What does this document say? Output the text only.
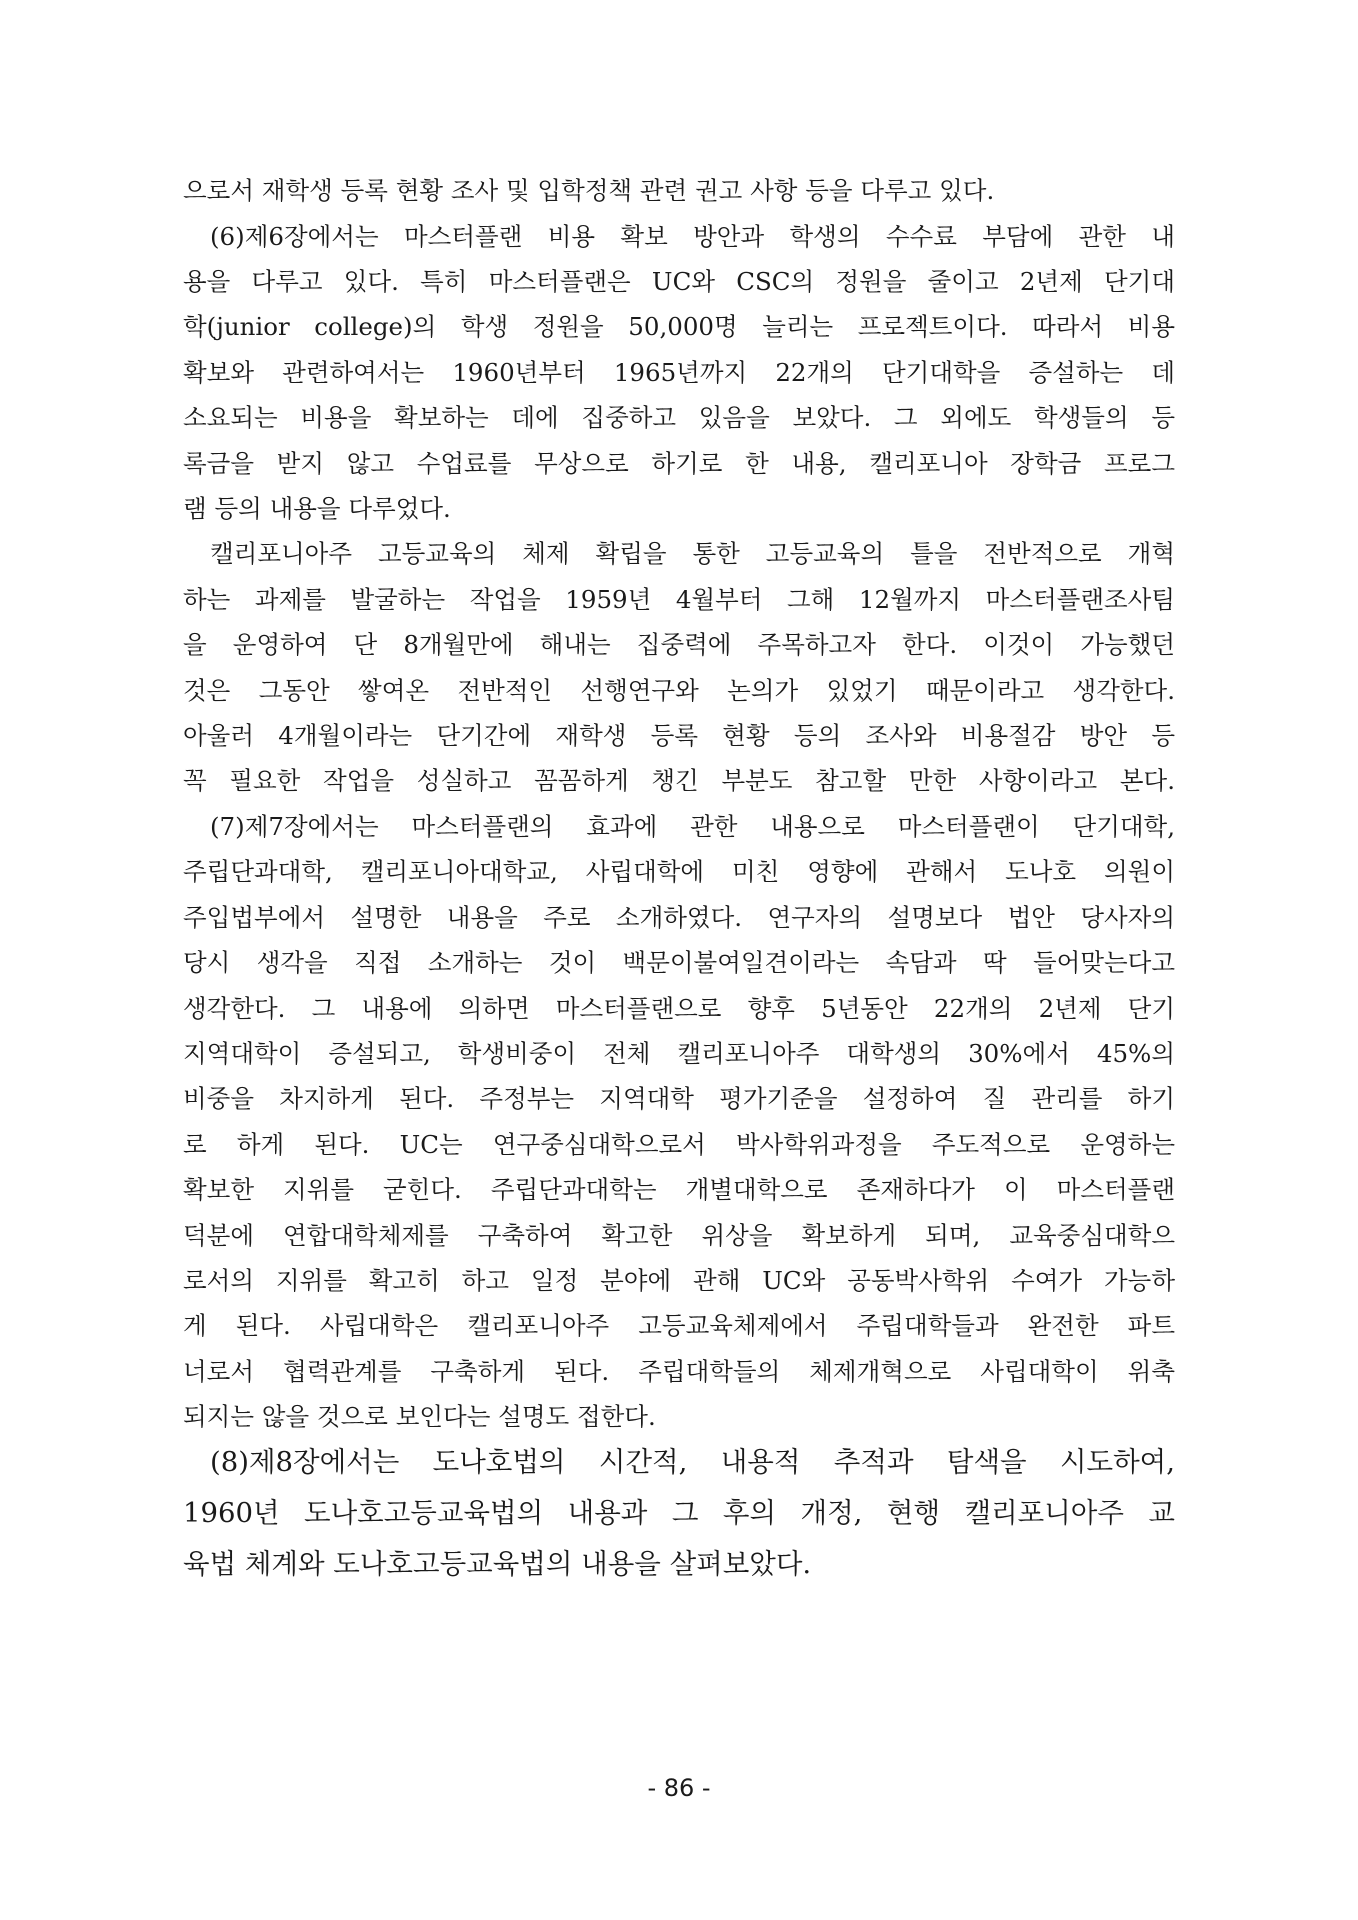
으로서 재학생 등록 현황 조사 및 입학정책 관련 권고 사항 등을 다루고 있다.
(6)제6장에서는 마스터플랜 비용 확보 방안과 학생의 수수료 부담에 관한 내
용을 다루고 있다. 특히 마스터플랜은 UC와 CSC의 정원을 줄이고 2년제 단기대
학(junior college)의 학생 정원을 50,000명 늘리는 프로젝트이다. 따라서 비용
확보와 관련하여서는 1960년부터 1965년까지 22개의 단기대학을 증설하는 데
소요되는 비용을 확보하는 데에 집중하고 있음을 보았다. 그 외에도 학생들의 등
록금을 받지 않고 수업료를 무상으로 하기로 한 내용, 캘리포니아 장학금 프로그
램 등의 내용을 다루었다.
캘리포니아주 고등교육의 체제 확립을 통한 고등교육의 틀을 전반적으로 개혁
하는 과제를 발굴하는 작업을 1959년 4월부터 그해 12월까지 마스터플랜조사팀
을 운영하여 단 8개월만에 해내는 집중력에 주목하고자 한다. 이것이 가능했던
것은 그동안 쌓여온 전반적인 선행연구와 논의가 있었기 때문이라고 생각한다.
아울러 4개월이라는 단기간에 재학생 등록 현황 등의 조사와 비용절감 방안 등
꼭 필요한 작업을 성실하고 꼼꼼하게 챙긴 부분도 참고할 만한 사항이라고 본다.
(7)제7장에서는 마스터플랜의 효과에 관한 내용으로 마스터플랜이 단기대학,
주립단과대학, 캘리포니아대학교, 사립대학에 미친 영향에 관해서 도나호 의원이
주입법부에서 설명한 내용을 주로 소개하였다. 연구자의 설명보다 법안 당사자의
당시 생각을 직접 소개하는 것이 백문이불여일견이라는 속담과 딱 들어맞는다고
생각한다. 그 내용에 의하면 마스터플랜으로 향후 5년동안 22개의 2년제 단기
지역대학이 증설되고, 학생비중이 전체 캘리포니아주 대학생의 30%에서 45%의
비중을 차지하게 된다. 주정부는 지역대학 평가기준을 설정하여 질 관리를 하기
로 하게 된다. UC는 연구중심대학으로서 박사학위과정을 주도적으로 운영하는
확보한 지위를 굳힌다. 주립단과대학는 개별대학으로 존재하다가 이 마스터플랜
덕분에 연합대학체제를 구축하여 확고한 위상을 확보하게 되며, 교육중심대학으
로서의 지위를 확고히 하고 일정 분야에 관해 UC와 공동박사학위 수여가 가능하
게 된다. 사립대학은 캘리포니아주 고등교육체제에서 주립대학들과 완전한 파트
너로서 협력관계를 구축하게 된다. 주립대학들의 체제개혁으로 사립대학이 위축
되지는 않을 것으로 보인다는 설명도 접한다.
(8)제8장에서는 도나호법의 시간적, 내용적 추적과 탐색을 시도하여,
1960년 도나호고등교육법의 내용과 그 후의 개정, 현행 캘리포니아주 교
육법 체계와 도나호고등교육법의 내용을 살펴보았다.
- 86 -
